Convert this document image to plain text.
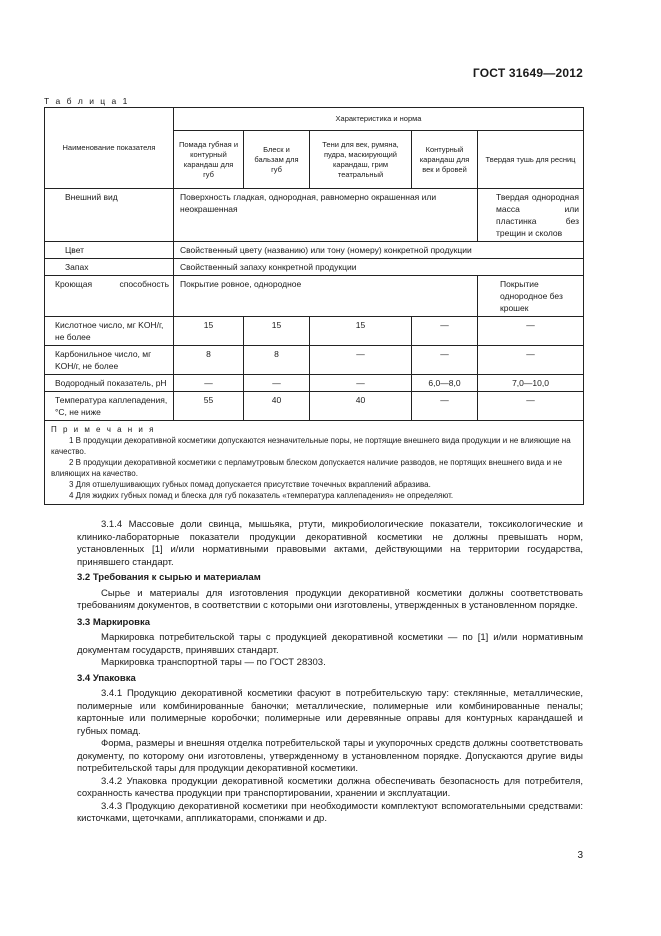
ГОСТ 31649—2012
Т а б л и ц а 1
Наименование показателя	Характеристика и норма				
	Помада губная и контурный карандаш для губ	Блеск и бальзам для губ	Тени для век, румяна, пудра, маскирующий карандаш, грим театральный	Контурный карандаш для век и бровей	Твердая тушь для ресниц
Внешний вид	Поверхность гладкая, однородная, равномерно окрашенная или неокрашенная				Твердая однородная масса или пластинка без трещин и сколов
Цвет	Свойственный цвету (названию) или тону (номеру) конкретной продукции				
Запах	Свойственный запаху конкретной продукции				
Кроющая способность	Покрытие ровное, однородное				Покрытие однородное без крошек
Кислотное число, мг KOH/г, не более	15	15	15	—	—
Карбонильное число, мг KOH/г, не более	8	8	—	—	—
Водородный показатель, pH	—	—	—	6,0—8,0	7,0—10,0
Температура каплепадения, °С, не ниже	55	40	40	—	—

П р и м е ч а н и я
1 В продукции декоративной косметики допускаются незначительные поры, не портящие внешнего вида продукции и не влияющие на качество.
2 В продукции декоративной косметики с перламутровым блеском допускается наличие разводов, не портящих внешнего вида и не влияющих на качество.
3 Для отшелушивающих губных помад допускается присутствие точечных вкраплений абразива.
4 Для жидких губных помад и блеска для губ показатель «температура каплепадения» не определяют.					

3.1.4 Массовые доли свинца, мышьяка, ртути, микробиологические показатели, токсикологические и клинико-лабораторные показатели продукции декоративной косметики не должны превышать норм, установленных [1] и/или нормативными правовыми актами, действующими на территории государства, принявшего стандарт.

3.2 Требования к сырью и материалам

Сырье и материалы для изготовления продукции декоративной косметики должны соответствовать требованиям документов, в соответствии с которыми они изготовлены, утвержденных в установленном порядке.

3.3 Маркировка

Маркировка потребительской тары с продукцией декоративной косметики — по [1] и/или нормативным документам государств, принявших стандарт.

Маркировка транспортной тары — по ГОСТ 28303.

3.4 Упаковка

3.4.1 Продукцию декоративной косметики фасуют в потребительскую тару: стеклянные, металлические, полимерные или комбинированные баночки; металлические, полимерные или комбинированные пеналы; картонные или полимерные коробочки; полимерные или деревянные оправы для контурных карандашей и губных помад.

Форма, размеры и внешняя отделка потребительской тары и укупорочных средств должны соответствовать документу, по которому они изготовлены, утвержденному в установленном порядке. Допускаются другие виды потребительской тары для продукции декоративной косметики.

3.4.2 Упаковка продукции декоративной косметики должна обеспечивать безопасность для потребителя, сохранность качества продукции при транспортировании, хранении и эксплуатации.

3.4.3 Продукцию декоративной косметики при необходимости комплектуют вспомогательными средствами: кисточками, щеточками, аппликаторами, спонжами и др.

3
